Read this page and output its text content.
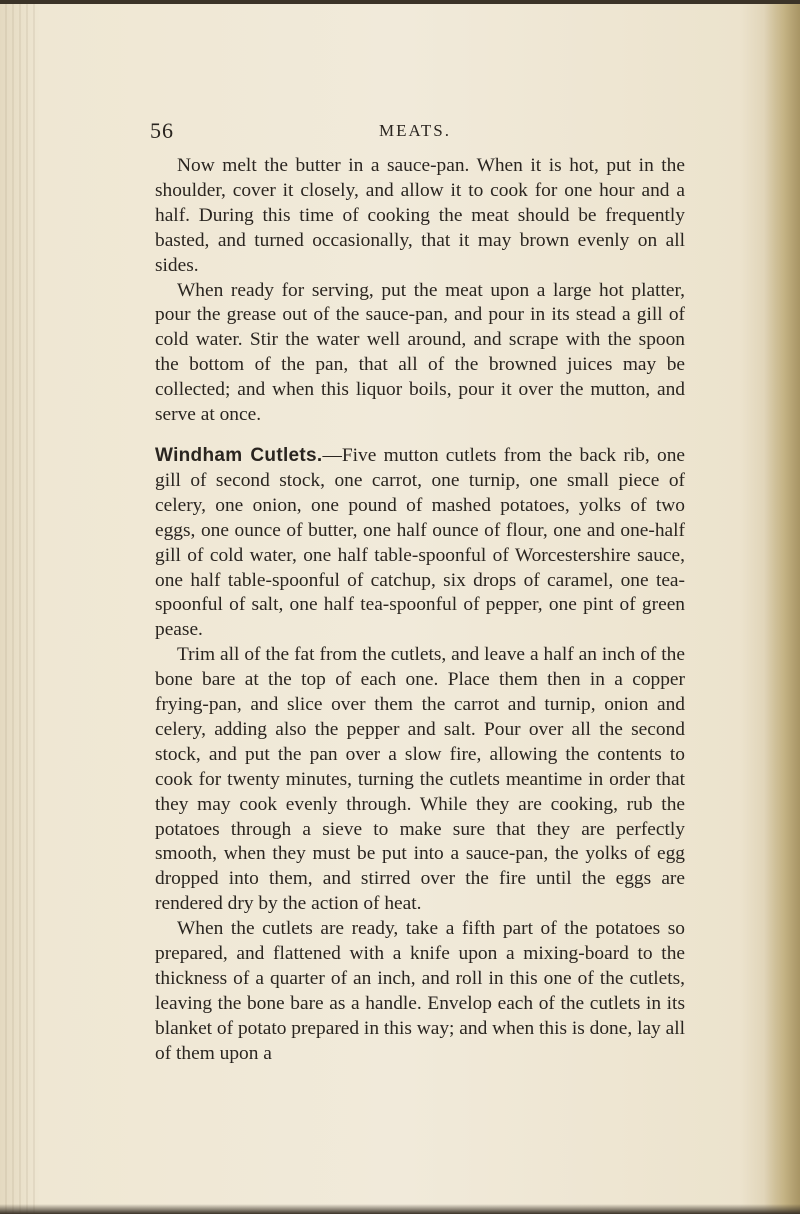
56	MEATS.

Now melt the butter in a sauce-pan. When it is hot, put in the shoulder, cover it closely, and allow it to cook for one hour and a half. During this time of cooking the meat should be frequently basted, and turned occasionally, that it may brown evenly on all sides.

When ready for serving, put the meat upon a large hot platter, pour the grease out of the sauce-pan, and pour in its stead a gill of cold water. Stir the water well around, and scrape with the spoon the bottom of the pan, that all of the browned juices may be collected; and when this liquor boils, pour it over the mutton, and serve at once.

Windham Cutlets.—Five mutton cutlets from the back rib, one gill of second stock, one carrot, one turnip, one small piece of celery, one onion, one pound of mashed potatoes, yolks of two eggs, one ounce of butter, one half ounce of flour, one and one-half gill of cold water, one half table-spoonful of Worcestershire sauce, one half table-spoonful of catchup, six drops of caramel, one tea-spoonful of salt, one half tea-spoonful of pepper, one pint of green pease.

Trim all of the fat from the cutlets, and leave a half an inch of the bone bare at the top of each one. Place them then in a copper frying-pan, and slice over them the carrot and turnip, onion and celery, adding also the pepper and salt. Pour over all the second stock, and put the pan over a slow fire, allowing the contents to cook for twenty minutes, turning the cutlets meantime in order that they may cook evenly through. While they are cooking, rub the potatoes through a sieve to make sure that they are perfectly smooth, when they must be put into a sauce-pan, the yolks of egg dropped into them, and stirred over the fire until the eggs are rendered dry by the action of heat.

When the cutlets are ready, take a fifth part of the potatoes so prepared, and flattened with a knife upon a mixing-board to the thickness of a quarter of an inch, and roll in this one of the cutlets, leaving the bone bare as a handle. Envelop each of the cutlets in its blanket of potato prepared in this way; and when this is done, lay all of them upon a
